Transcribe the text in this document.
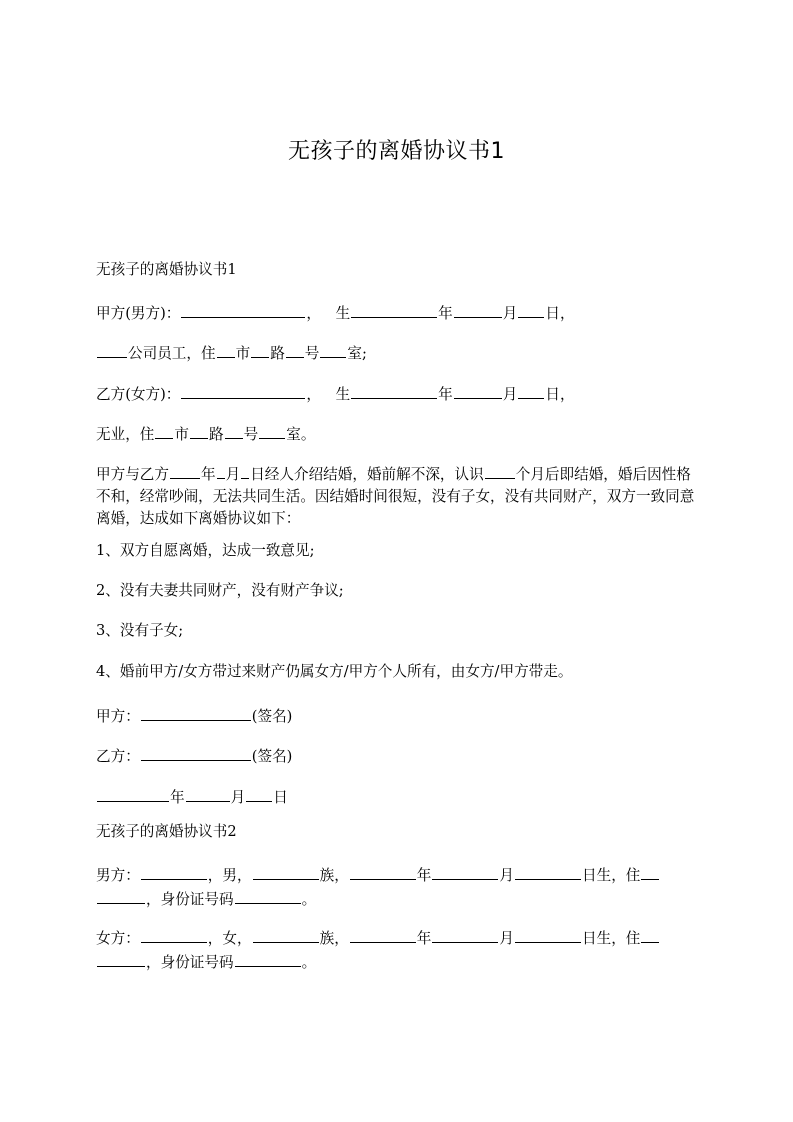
无孩子的离婚协议书1
无孩子的离婚协议书1
甲方(男方)：	，  生	年	月 日，
公司员工，住 市 路 号 室;
乙方(女方)：	，  生	年	月 日，
无业，住 市 路 号 室。
甲方与乙方 年 月 日经人介绍结婚，婚前解不深，认识 个月后即结婚，婚后因性格不和，经常吵闹，无法共同生活。因结婚时间很短，没有子女，没有共同财产，双方一致同意离婚，达成如下离婚协议如下：
1、双方自愿离婚，达成一致意见;
2、没有夫妻共同财产，没有财产争议;
3、没有子女;
4、婚前甲方/女方带过来财产仍属女方/甲方个人所有，由女方/甲方带走。
甲方：	(签名)
乙方：	(签名)
年	月 日
无孩子的离婚协议书2
男方：	，男，	族，	年	月	日生，住，身份证号码	。
女方：	，女，	族，	年	月	日生，住，身份证号码	。
